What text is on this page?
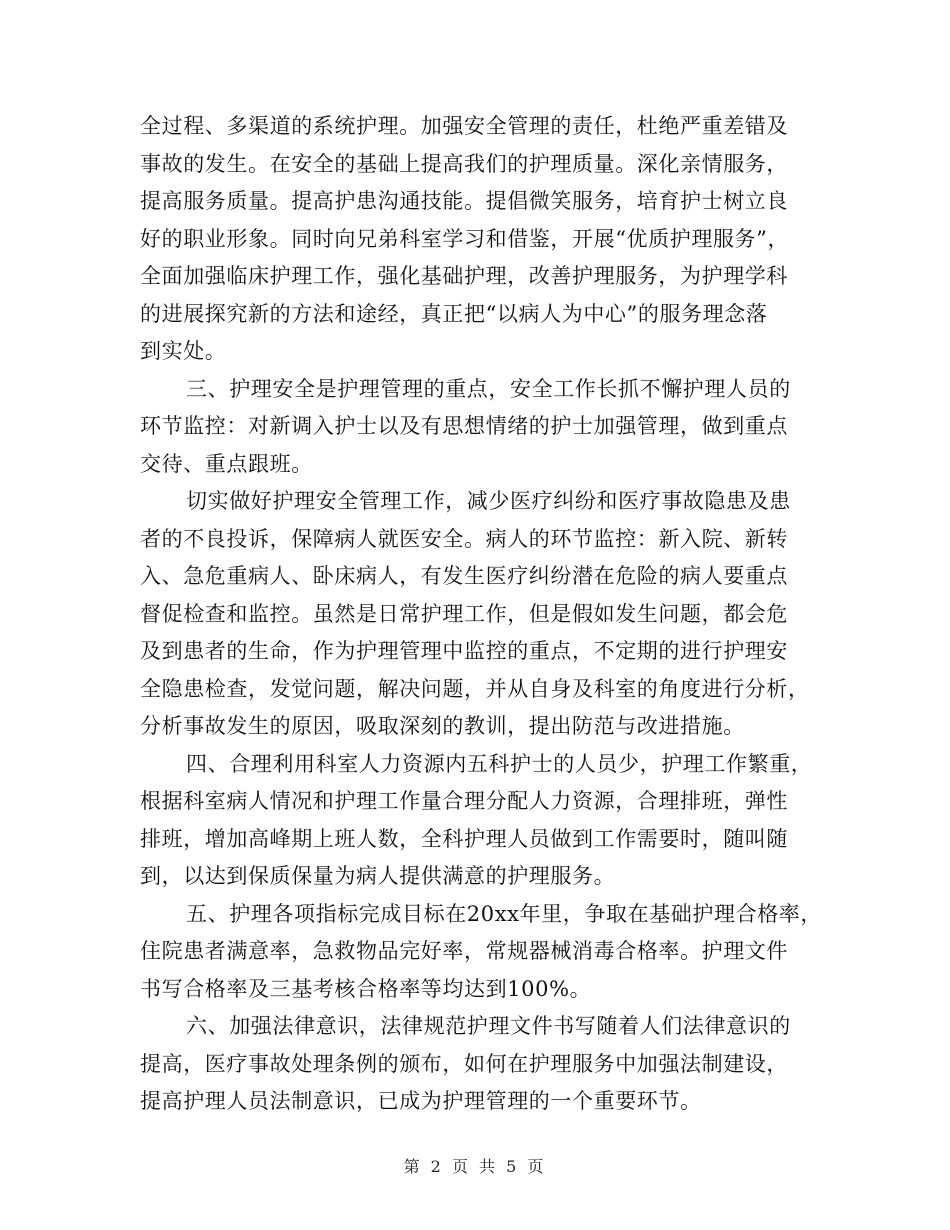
全过程、多渠道的系统护理。加强安全管理的责任，杜绝严重差错及
事故的发生。在安全的基础上提高我们的护理质量。深化亲情服务，
提高服务质量。提高护患沟通技能。提倡微笑服务，培育护士树立良
好的职业形象。同时向兄弟科室学习和借鉴，开展“优质护理服务”，
全面加强临床护理工作，强化基础护理，改善护理服务，为护理学科
的进展探究新的方法和途经，真正把“以病人为中心”的服务理念落
到实处。
三、护理安全是护理管理的重点，安全工作长抓不懈护理人员的
环节监控：对新调入护士以及有思想情绪的护士加强管理，做到重点
交待、重点跟班。
切实做好护理安全管理工作，减少医疗纠纷和医疗事故隐患及患
者的不良投诉，保障病人就医安全。病人的环节监控：新入院、新转
入、急危重病人、卧床病人，有发生医疗纠纷潜在危险的病人要重点
督促检查和监控。虽然是日常护理工作，但是假如发生问题，都会危
及到患者的生命，作为护理管理中监控的重点，不定期的进行护理安
全隐患检查，发觉问题，解决问题，并从自身及科室的角度进行分析，
分析事故发生的原因，吸取深刻的教训，提出防范与改进措施。
四、合理利用科室人力资源内五科护士的人员少，护理工作繁重，
根据科室病人情况和护理工作量合理分配人力资源，合理排班，弹性
排班，增加高峰期上班人数，全科护理人员做到工作需要时，随叫随
到，以达到保质保量为病人提供满意的护理服务。
五、护理各项指标完成目标在20xx年里，争取在基础护理合格率，
住院患者满意率，急救物品完好率，常规器械消毒合格率。护理文件
书写合格率及三基考核合格率等均达到100%。
六、加强法律意识，法律规范护理文件书写随着人们法律意识的
提高，医疗事故处理条例的颁布，如何在护理服务中加强法制建设，
提高护理人员法制意识，已成为护理管理的一个重要环节。
第 2 页 共 5 页
